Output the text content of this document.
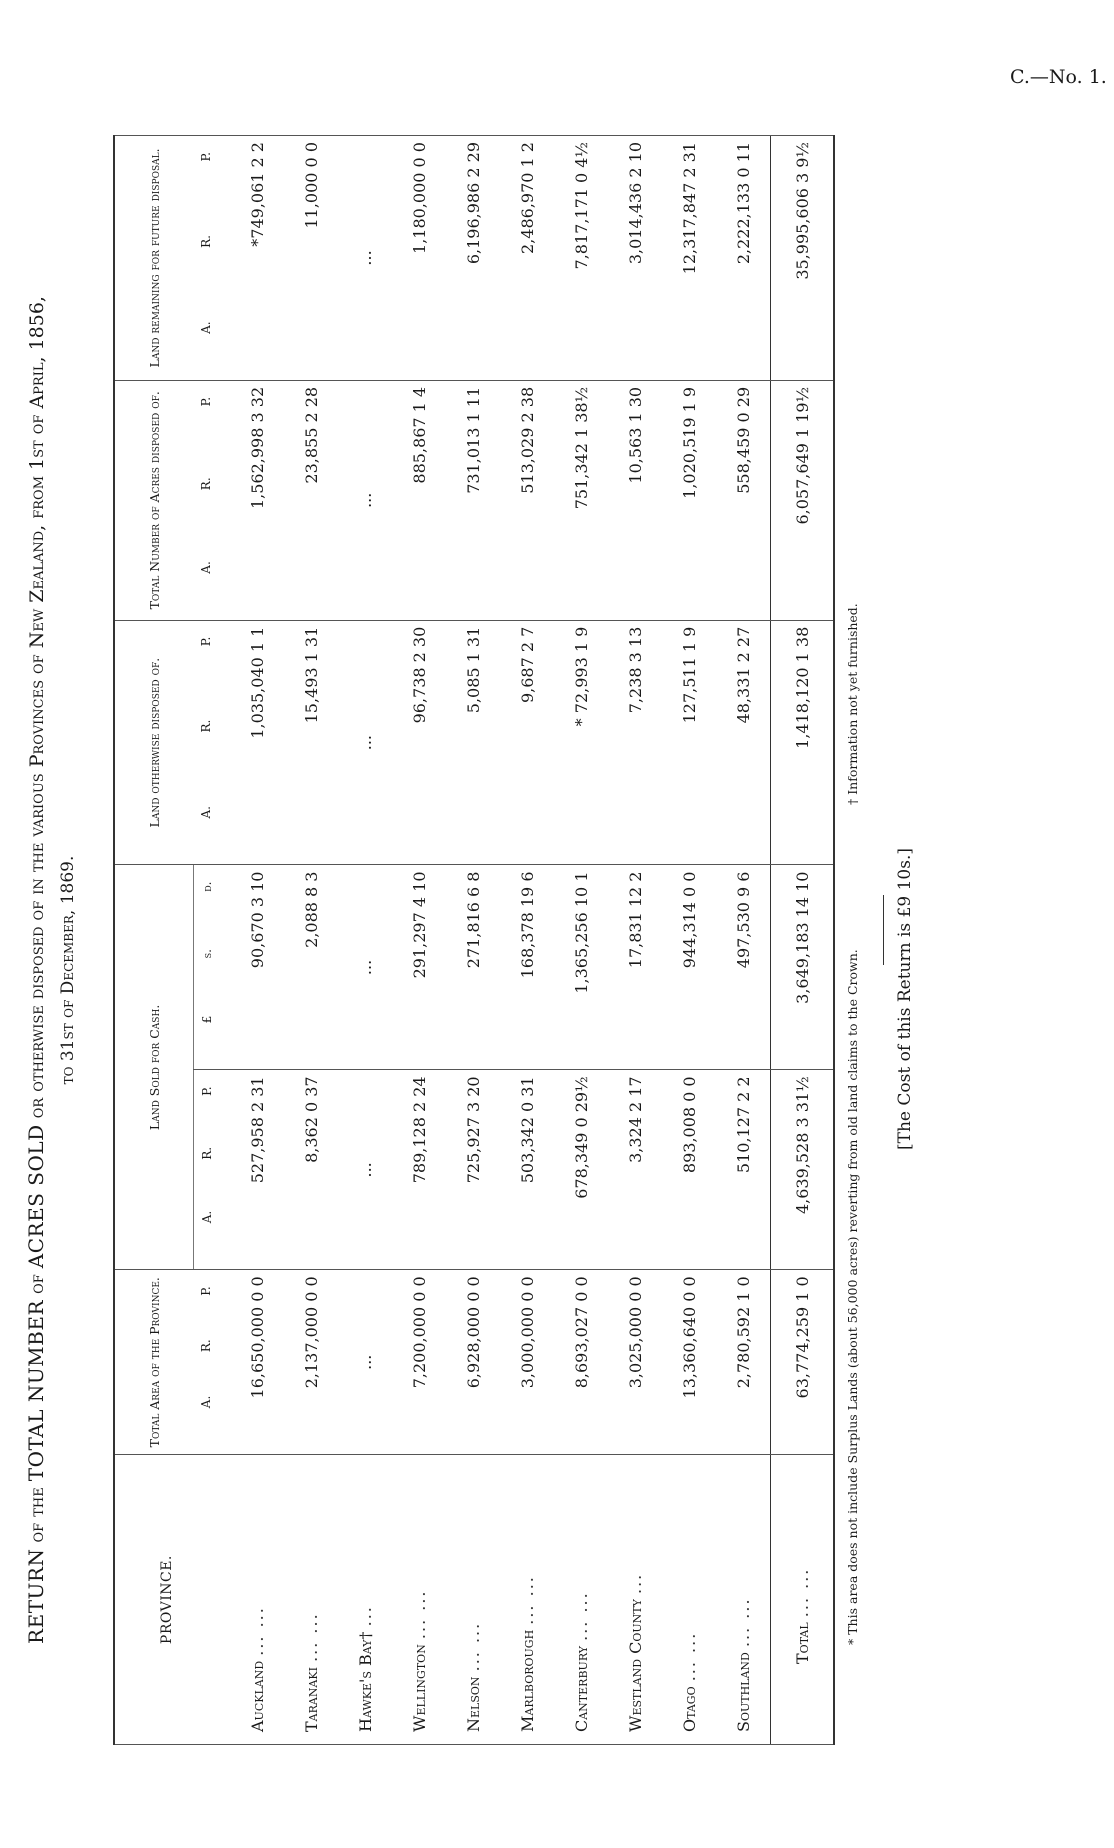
C.—No. 1.
RETURN of the TOTAL NUMBER of ACRES SOLD or otherwise disposed of in the various Provinces of New Zealand, from 1st of April, 1856, to 31st of December, 1869.
PROVINCE.	Total Area of the Province.	Land Sold for Cash.		Land otherwise disposed of.	Total Number of Acres disposed of.	Land remaining for future disposal.

	A.
R.
P.	A.
R.
P.	£
s.
d.	A.
R.
P.	A.
R.
P.	A.
R.
P.

Auckland ... ...	16,650,000 0 0	527,958 2 31	90,670 3 10	1,035,040 1 1	1,562,998 3 32	*749,061 2 2
Taranaki ... ...	2,137,000 0 0	8,362 0 37	2,088 8 3	15,493 1 31	23,855 2 28	11,000 0 0
Hawke's Bay† ...	...	...	...	...	...	...
Wellington ... ...	7,200,000 0 0	789,128 2 24	291,297 4 10	96,738 2 30	885,867 1 4	1,180,000 0 0
Nelson ... ...	6,928,000 0 0	725,927 3 20	271,816 6 8	5,085 1 31	731,013 1 11	6,196,986 2 29
Marlborough ... ...	3,000,000 0 0	503,342 0 31	168,378 19 6	9,687 2 7	513,029 2 38	2,486,970 1 2
Canterbury ... ...	8,693,027 0 0	678,349 0 29½	1,365,256 10 1	* 72,993 1 9	751,342 1 38½	7,817,171 0 4½
Westland County ...	3,025,000 0 0	3,324 2 17	17,831 12 2	7,238 3 13	10,563 1 30	3,014,436 2 10
Otago ... ...	13,360,640 0 0	893,008 0 0	944,314 0 0	127,511 1 9	1,020,519 1 9	12,317,847 2 31
Southland ... ...	2,780,592 1 0	510,127 2 2	497,530 9 6	48,331 2 27	558,459 0 29	2,222,133 0 11
Total ... ...	63,774,259 1 0	4,639,528 3 31½	3,649,183 14 10	1,418,120 1 38	6,057,649 1 19½	35,995,606 3 9½
* This area does not include Surplus Lands (about 56,000 acres) reverting from old land claims to the Crown.
† Information not yet furnished.
[The Cost of this Return is £9 10s.]
